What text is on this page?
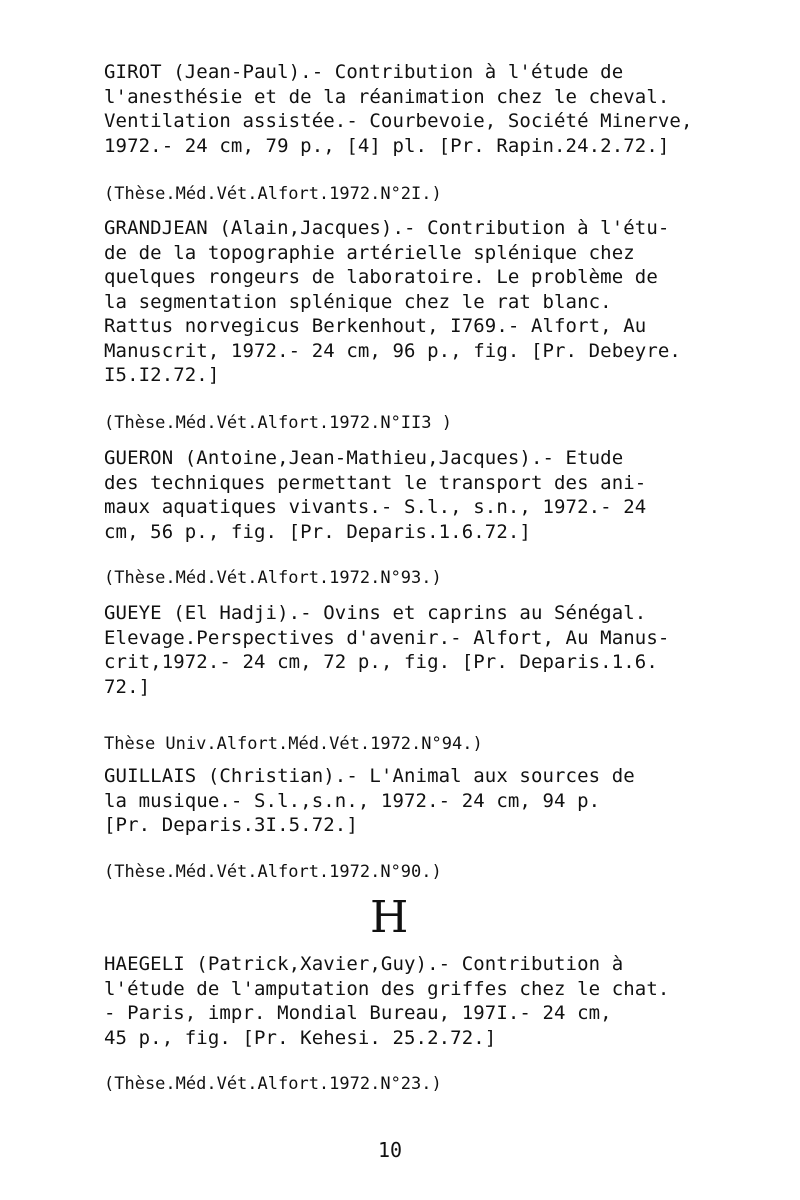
GIROT (Jean-Paul).- Contribution à l'étude de
l'anesthésie et de la réanimation chez le cheval.
Ventilation assistée.- Courbevoie, Société Minerve,
1972.- 24 cm, 79 p., [4] pl. [Pr. Rapin.24.2.72.]
(Thèse.Méd.Vét.Alfort.1972.N°2I.)
GRANDJEAN (Alain,Jacques).- Contribution à l'étu-
de de la topographie artérielle splénique chez
quelques rongeurs de laboratoire. Le problème de
la segmentation splénique chez le rat blanc.
Rattus norvegicus Berkenhout, I769.- Alfort, Au
Manuscrit, 1972.- 24 cm, 96 p., fig. [Pr. Debeyre.
I5.I2.72.]
(Thèse.Méd.Vét.Alfort.1972.N°II3 )
GUERON (Antoine,Jean-Mathieu,Jacques).- Etude
des techniques permettant le transport des ani-
maux aquatiques vivants.- S.l., s.n., 1972.- 24
cm, 56 p., fig. [Pr. Deparis.1.6.72.]
(Thèse.Méd.Vét.Alfort.1972.N°93.)
GUEYE (El Hadji).- Ovins et caprins au Sénégal.
Elevage.Perspectives d'avenir.- Alfort, Au Manus-
crit,1972.- 24 cm, 72 p., fig. [Pr. Deparis.1.6.
72.]
Thèse Univ.Alfort.Méd.Vét.1972.N°94.)
GUILLAIS (Christian).- L'Animal aux sources de
la musique.- S.l.,s.n., 1972.- 24 cm, 94 p.
[Pr. Deparis.3I.5.72.]
(Thèse.Méd.Vét.Alfort.1972.N°90.)
H
HAEGELI (Patrick,Xavier,Guy).- Contribution à
l'étude de l'amputation des griffes chez le chat.
- Paris, impr. Mondial Bureau, 197I.- 24 cm,
45 p., fig. [Pr. Kehesi. 25.2.72.]
(Thèse.Méd.Vét.Alfort.1972.N°23.)
10
